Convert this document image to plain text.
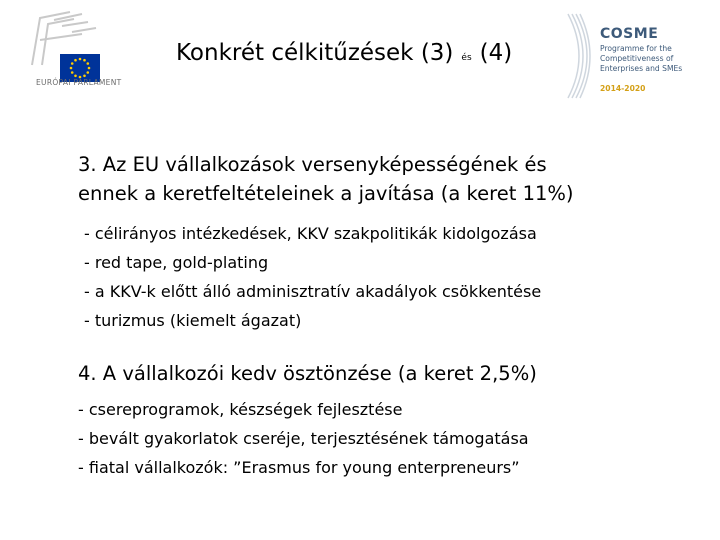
EURÓPAI PARLAMENT
Konkrét célkitűzések (3) és (4)
COSME
Programme for the
Competitiveness of
Enterprises and SMEs
2014-2020
3. Az EU vállalkozások versenyképességének és
ennek a keretfeltételeinek a javítása (a keret 11%)
- célirányos intézkedések, KKV szakpolitikák kidolgozása
- red tape, gold-plating
- a KKV-k előtt álló adminisztratív akadályok csökkentése
- turizmus (kiemelt ágazat)
4. A vállalkozói kedv ösztönzése (a keret 2,5%)
- csereprogramok, készségek fejlesztése
- bevált gyakorlatok cseréje, terjesztésének támogatása
- fiatal vállalkozók: ”Erasmus for young enterpreneurs”
